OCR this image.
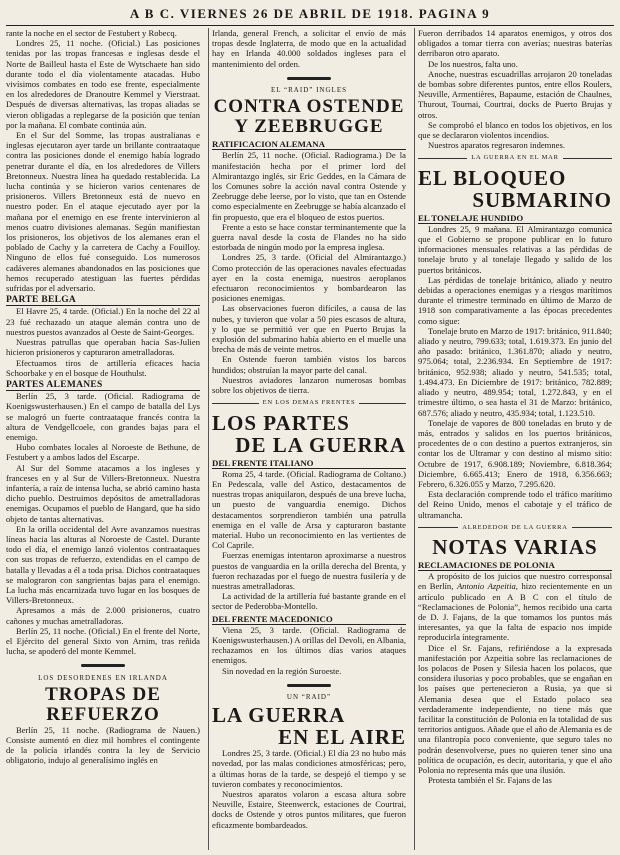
A B C. VIERNES 26 DE ABRIL DE 1918. PAGINA 9

rante la noche en el sector de Festubert y Robecq.

Londres 25, 11 noche. (Oficial.) Las posiciones tenidas por las tropas francesas e inglesas desde el Norte de Bailleul hasta el Este de Wytschaete han sido durante todo el día violentamente atacadas. Hubo vivísimos combates en todo ese frente, especialmente en los alrededores de Dranoutre Kemmel y Vierstraat. Después de diversas alternativas, las tropas aliadas se vieron obligadas a replegarse de la posición que tenían por la mañana. El combate continúa aún.

En el Sur del Somme, las tropas australianas e inglesas ejecutaron ayer tarde un brillante contraataque contra las posiciones donde el enemigo había logrado penetrar durante el día, en los alrededores de Villers Bretonneux. Nuestra línea ha quedado restablecida. La lucha continúa y se hicieron varios centenares de prisioneros. Villers Bretonneux está de nuevo en nuestro poder. En el ataque ejecutado ayer por la mañana por el enemigo en ese frente intervinieron al menos cuatro divisiones alemanas. Según manifiestan los prisioneros, los objetivos de los alemanes eran el poblado de Cachy y la carretera de Cachy a Fouilloy. Ninguno de ellos fué conseguido. Los numerosos cadáveres alemanes abandonados en las posiciones que hemos recuperado atestiguan las fuertes pérdidas sufridas por el adversario.

PARTE BELGA

El Havre 25, 4 tarde. (Oficial.) En la noche del 22 al 23 fué rechazado un ataque alemán contra uno de nuestros puestos avanzados al Oeste de Saint-Georges.

Nuestras patrullas que operaban hacia Sas-Julien hicieron prisioneros y capturaron ametralladoras.

Efectuamos tiros de artillería eficaces hacia Schoorbake y en el bosque de Houthulst.

PARTES ALEMANES

Berlín 25, 3 tarde. (Oficial. Radiograma de Koenigswusterhausen.) En el campo de batalla del Lys se malogró un fuerte contraataque francés contra la altura de Vendgellcoele, con grandes bajas para el enemigo.

Hubo combates locales al Noroeste de Bethune, de Festubert y a ambos lados del Escarpe.

Al Sur del Somme atacamos a los ingleses y franceses en y al Sur de Villers-Bretonneux. Nuestra infantería, a raíz de intensa lucha, se abrió camino hasta dicho pueblo. Destruimos depósitos de ametralladoras enemigas. Ocupamos el pueblo de Hangard, que ha sido objeto de tantas alternativas.

En la orilla occidental del Avre avanzamos nuestras líneas hacia las alturas al Noroeste de Castel. Durante todo el día, el enemigo lanzó violentos contraataques con sus tropas de refuerzo, extendidas en el campo de batalla y llevadas a él a toda prisa. Dichos contraataques se malograron con sangrientas bajas para el enemigo. La lucha más encarnizada tuvo lugar en los bosques de Villers-Bretonneux.

Apresamos a más de 2.000 prisioneros, cuatro cañones y muchas ametralladoras.

Berlín 25, 11 noche. (Oficial.) En el frente del Norte, el Ejército del general Sixto von Arnim, tras reñida lucha, se apoderó del monte Kemmel.

LOS DESORDENES EN IRLANDA

TROPAS DE REFUERZO

Berlín 25, 11 noche. (Radiograma de Nauen.) Consiste aumentó en diez mil hombres el contingente de la policía irlandés contra la ley de Servicio obligatorio, indujo al generalísimo inglés en

Irlanda, general French, a solicitar el envío de más tropas desde Inglaterra, de modo que en la actualidad hay en Irlanda 40.000 soldados ingleses para el mantenimiento del orden.

EL “RAID” INGLES

CONTRA OSTENDE

Y ZEEBRUGGE

RATIFICACION ALEMANA

Berlín 25, 11 noche. (Oficial. Radiograma.) De la manifestación hecha por el primer lord del Almirantazgo inglés, sir Eric Geddes, en la Cámara de los Comunes sobre la acción naval contra Ostende y Zeebrugge debe leerse, por lo visto, que tan en Ostende como especialmente en Zeebrugge se había alcanzado el fin propuesto, que era el bloqueo de estos puertos.

Frente a esto se hace constar terminantemente que la guerra naval desde la costa de Flandes no ha sido estorbada de ningún modo por la empresa inglesa.

Londres 25, 3 tarde. (Oficial del Almirantazgo.) Como protección de las operaciones navales efectuadas ayer en la costa enemiga, nuestros aeroplanos efectuaron reconocimientos y bombardearon las posiciones enemigas.

Las observaciones fueron difíciles, a causa de las nubes, y tuvieron que volar a 50 pies escasos de altura, y lo que se permitió ver que en Puerto Brujas la explosión del submarino había abierto en el muelle una brecha de más de veinte metros.

En Ostende fueron también vistos los barcos hundidos; obstruían la mayor parte del canal.

Nuestros aviadores lanzaron numerosas bombas sobre los objetivos de tierra.

EN LOS DEMAS FRENTES

LOS PARTES

DE LA GUERRA

DEL FRENTE ITALIANO

Roma 25, 4 tarde. (Oficial. Radiograma de Coltano.) En Pedescala, valle del Astico, destacamentos de nuestras tropas aniquilaron, después de una breve lucha, un puesto de vanguardia enemigo. Dichos destacamentos sorprendieron también una patrulla enemiga en el valle de Arsa y capturaron bastante material. Hubo un reconocimiento en las vertientes de Col Caprile.

Fuerzas enemigas intentaron aproximarse a nuestros puestos de vanguardia en la orilla derecha del Brenta, y fueron rechazadas por el fuego de nuestra fusilería y de nuestras ametralladoras.

La actividad de la artillería fué bastante grande en el sector de Pederobba-Montello.

DEL FRENTE MACEDONICO

Viena 25, 3 tarde. (Oficial. Radiograma de Koenigswusterhausen.) A orillas del Devoli, en Albania, rechazamos en los últimos días varios ataques enemigos.

Sin novedad en la región Suroeste.

UN “RAID”

LA GUERRA

EN EL AIRE

Londres 25, 3 tarde. (Oficial.) El día 23 no hubo más novedad, por las malas condiciones atmosféricas; pero, a últimas horas de la tarde, se despejó el tiempo y se tuvieron combates y reconocimientos.

Nuestros aparatos volaron a escasa altura sobre Neuville, Estaire, Steenwerck, estaciones de Courtrai, docks de Ostende y otros puntos militares, que fueron eficazmente bombardeados.

Fueron derribados 14 aparatos enemigos, y otros dos obligados a tomar tierra con averías; nuestras baterías derribaron otro aparato.

De los nuestros, falta uno.

Anoche, nuestras escuadrillas arrojaron 20 toneladas de bombas sobre diferentes puntos, entre ellos Roulers, Neuville, Armentières, Bapaume, estación de Chaulnes, Thurout, Tournai, Courtrai, docks de Puerto Brujas y otros.

Se comprobó el blanco en todos los objetivos, en los que se declararon violentos incendios.

Nuestros aparatos regresaron indemnes.

LA GUERRA EN EL MAR

EL BLOQUEO

SUBMARINO

EL TONELAJE HUNDIDO

Londres 25, 9 mañana. El Almirantazgo comunica que el Gobierno se propone publicar en lo futuro informaciones mensuales relativas a las pérdidas de tonelaje bruto y al tonelaje llegado y salido de los puertos británicos.

Las pérdidas de tonelaje británico, aliado y neutro debidas a operaciones enemigas y a riesgos marítimos durante el trimestre terminado en último de Marzo de 1918 son comparativamente a las épocas precedentes como sigue:

Tonelaje bruto en Marzo de 1917: británico, 911.840; aliado y neutro, 799.633; total, 1.619.373. En junio del año pasado: británico, 1.361.870; aliado y neutro, 975.064; total, 2.236.934. En Septiembre de 1917: británico, 952.938; aliado y neutro, 541.535; total, 1.494.473. En Diciembre de 1917: británico, 782.889; aliado y neutro, 489.954; total, 1.272.843, y en el trimestre último, o sea hasta el 31 de Marzo: británico, 687.576; aliado y neutro, 435.934; total, 1.123.510.

Tonelaje de vapores de 800 toneladas en bruto y de más, entrados y salidos en los puertos británicos, procedentes de o con destino a puertos extranjeros, sin contar los de Ultramar y con destino al mismo sitio: Octubre de 1917, 6.908.189; Noviembre, 6.818.364; Diciembre, 6.665.413; Enero de 1918, 6.356.663; Febrero, 6.326.055 y Marzo, 7.295.620.

Esta declaración comprende todo el tráfico marítimo del Reino Unido, menos el cabotaje y el tráfico de ultramancha.

ALREDEDOR DE LA GUERRA

NOTAS VARIAS

RECLAMACIONES DE POLONIA

A propósito de los juicios que nuestro corresponsal en Berlín, Antonio Azpeitia, hizo recientemente en un artículo publicado en A B C con el título de “Reclamaciones de Polonia”, hemos recibido una carta de D. J. Fajans, de la que tomamos los puntos más interesantes, ya que la falta de espacio nos impide reproducirla íntegramente.

Dice el Sr. Fajans, refiriéndose a la expresada manifestación por Azpeitia sobre las reclamaciones de los polacos de Posen y Silesia hacen los polacos, que considera ilusorias y poco probables, que se engañan en los países que pertenecieron a Rusia, ya que si Alemania desea que el Estado polaco sea verdaderamente independiente, no tiene más que facilitar la constitución de Polonia en la totalidad de sus territorios antiguos. Añade que el año de Alemania es de una filantropía poco conveniente, que seguro tales no podrán desenvolverse, pues no quieren tener sino una política de ocupación, es decir, autoritaria, y que el año Polonia no representa más que una ilusión.

Protesta también el Sr. Fajans de las
